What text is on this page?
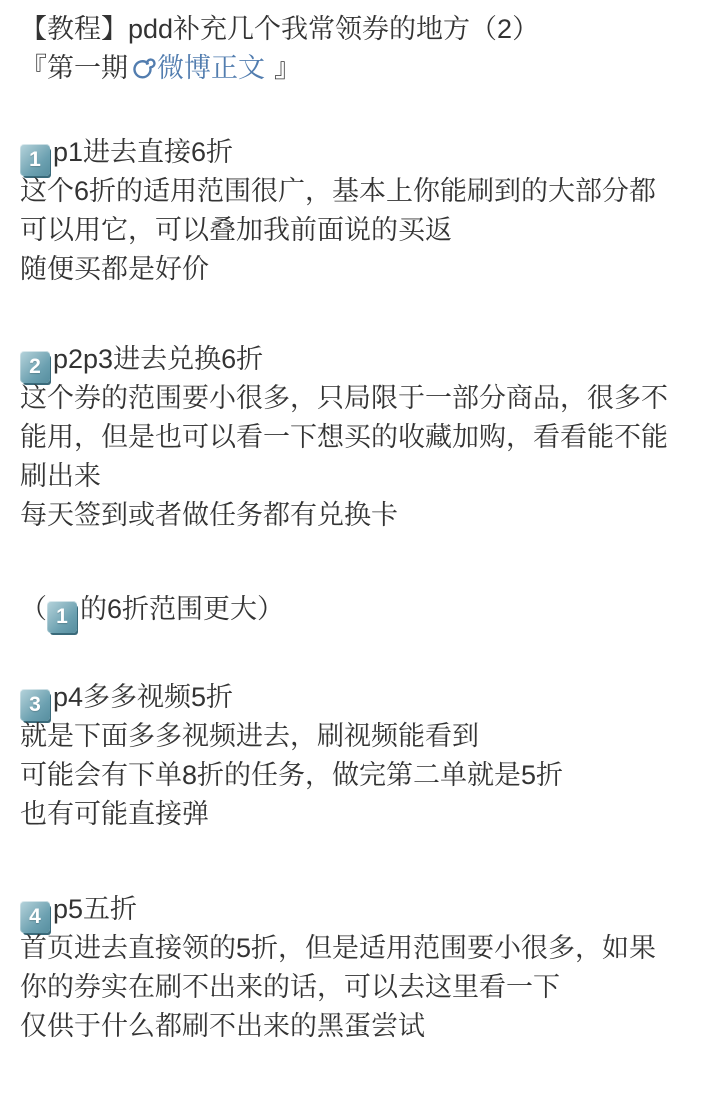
【教程】pdd补充几个我常领券的地方（2）
『第一期 微博正文 』
1 p1进去直接6折
这个6折的适用范围很广，基本上你能刷到的大部分都
可以用它，可以叠加我前面说的买返
随便买都是好价
2 p2p3进去兑换6折
这个券的范围要小很多，只局限于一部分商品，很多不
能用，但是也可以看一下想买的收藏加购，看看能不能
刷出来
每天签到或者做任务都有兑换卡
（ 1 的6折范围更大）
3 p4多多视频5折
就是下面多多视频进去，刷视频能看到
可能会有下单8折的任务，做完第二单就是5折
也有可能直接弹
4 p5五折
首页进去直接领的5折，但是适用范围要小很多，如果
你的券实在刷不出来的话，可以去这里看一下
仅供于什么都刷不出来的黑蛋尝试
